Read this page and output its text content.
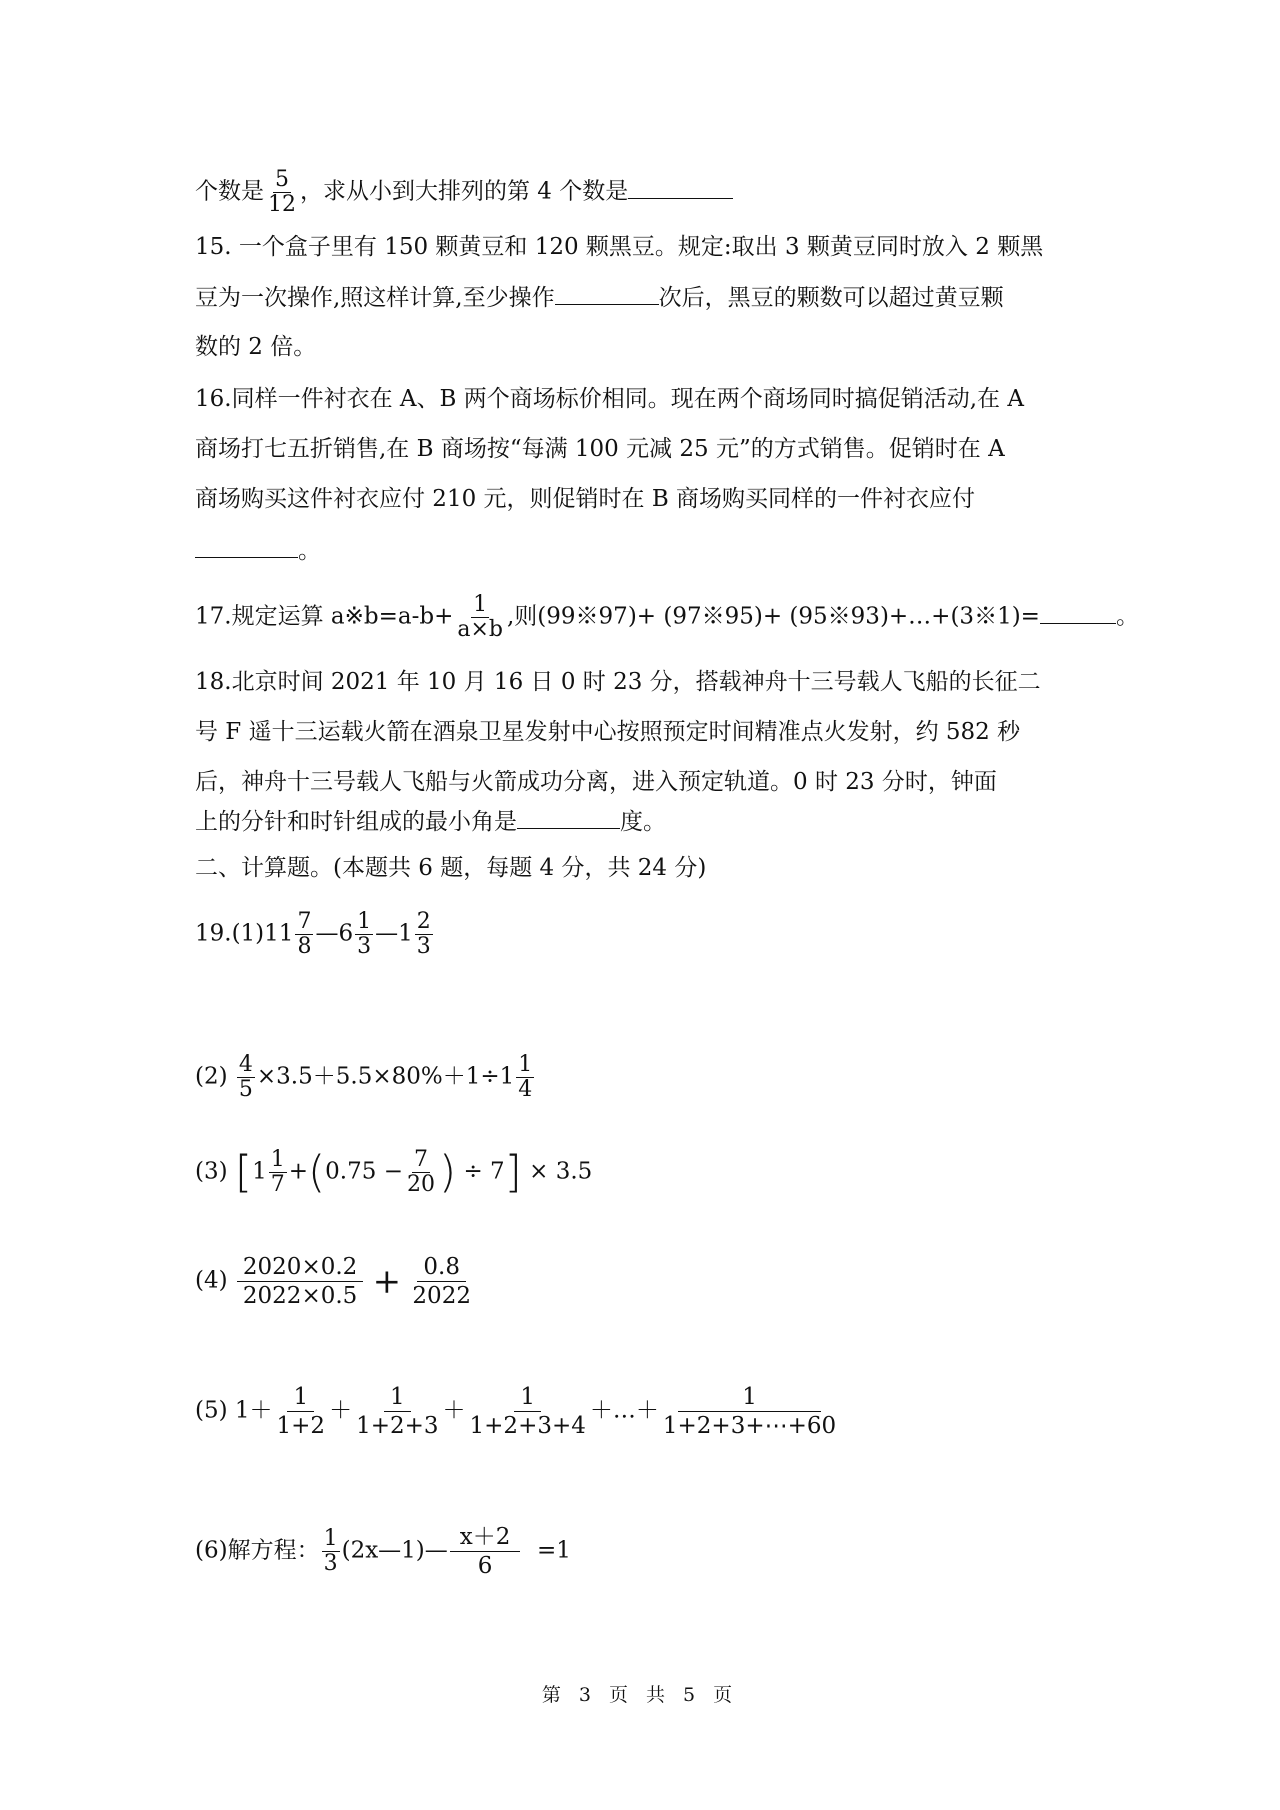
个数是 $\frac{5}{12}$ ，求从小到大排列的第 4 个数是
15. 一个盒子里有 150 颗黄豆和 120 颗黑豆。规定:取出 3 颗黄豆同时放入 2 颗黑
豆为一次操作,照这样计算,至少操作	次后，黑豆的颗数可以超过黄豆颗
数的 2 倍。
16.同样一件衬衣在 A、B 两个商场标价相同。现在两个商场同时搞促销活动,在 A
商场打七五折销售,在 B 商场按“每满 100 元减 25 元”的方式销售。促销时在 A
商场购买这件衬衣应付 210 元，则促销时在 B 商场购买同样的一件衬衣应付
。
17.规定运算 a※b=a-b+ $\frac{1}{a\times b}$ ,则(99※97)+ (97※95)+ (95※93)+…+(3※1)=	。
18.北京时间 2021 年 10 月 16 日 0 时 23 分，搭载神舟十三号载人飞船的长征二
号 F 遥十三运载火箭在酒泉卫星发射中心按照预定时间精准点火发射，约 582 秒
后，神舟十三号载人飞船与火箭成功分离，进入预定轨道。0 时 23 分时，钟面
上的分针和时针组成的最小角是	度。
二、计算题。(本题共 6 题，每题 4 分，共 24 分)
$19.(1)11 \frac{7}{8}$ —6 $\frac{1}{3}$ —1 $\frac{2}{3}$
$(2) \frac{4}{5} \times 3.5+5.5\times 80\%+1\div 1 \frac{1}{4}$
(3) [$1 \frac{1}{7} +(0.75 - \frac{7}{20}$ ) ÷ 7] × 3.5
$(4) \frac{2020\times 0.2}{2022\times 0.5} + \frac{0.8}{2022}$
(5) $1+ \frac{1}{1+2} + \frac{1}{1+2+3} + \frac{1}{1+2+3+4}$ ＋…＋ $\frac{1}{1+2+3+\cdots+60}$
(6)解方程： $\frac{1}{3}$ (2x—1)— $\frac{x+2}{6} =1$
第 3 页 共 5 页
